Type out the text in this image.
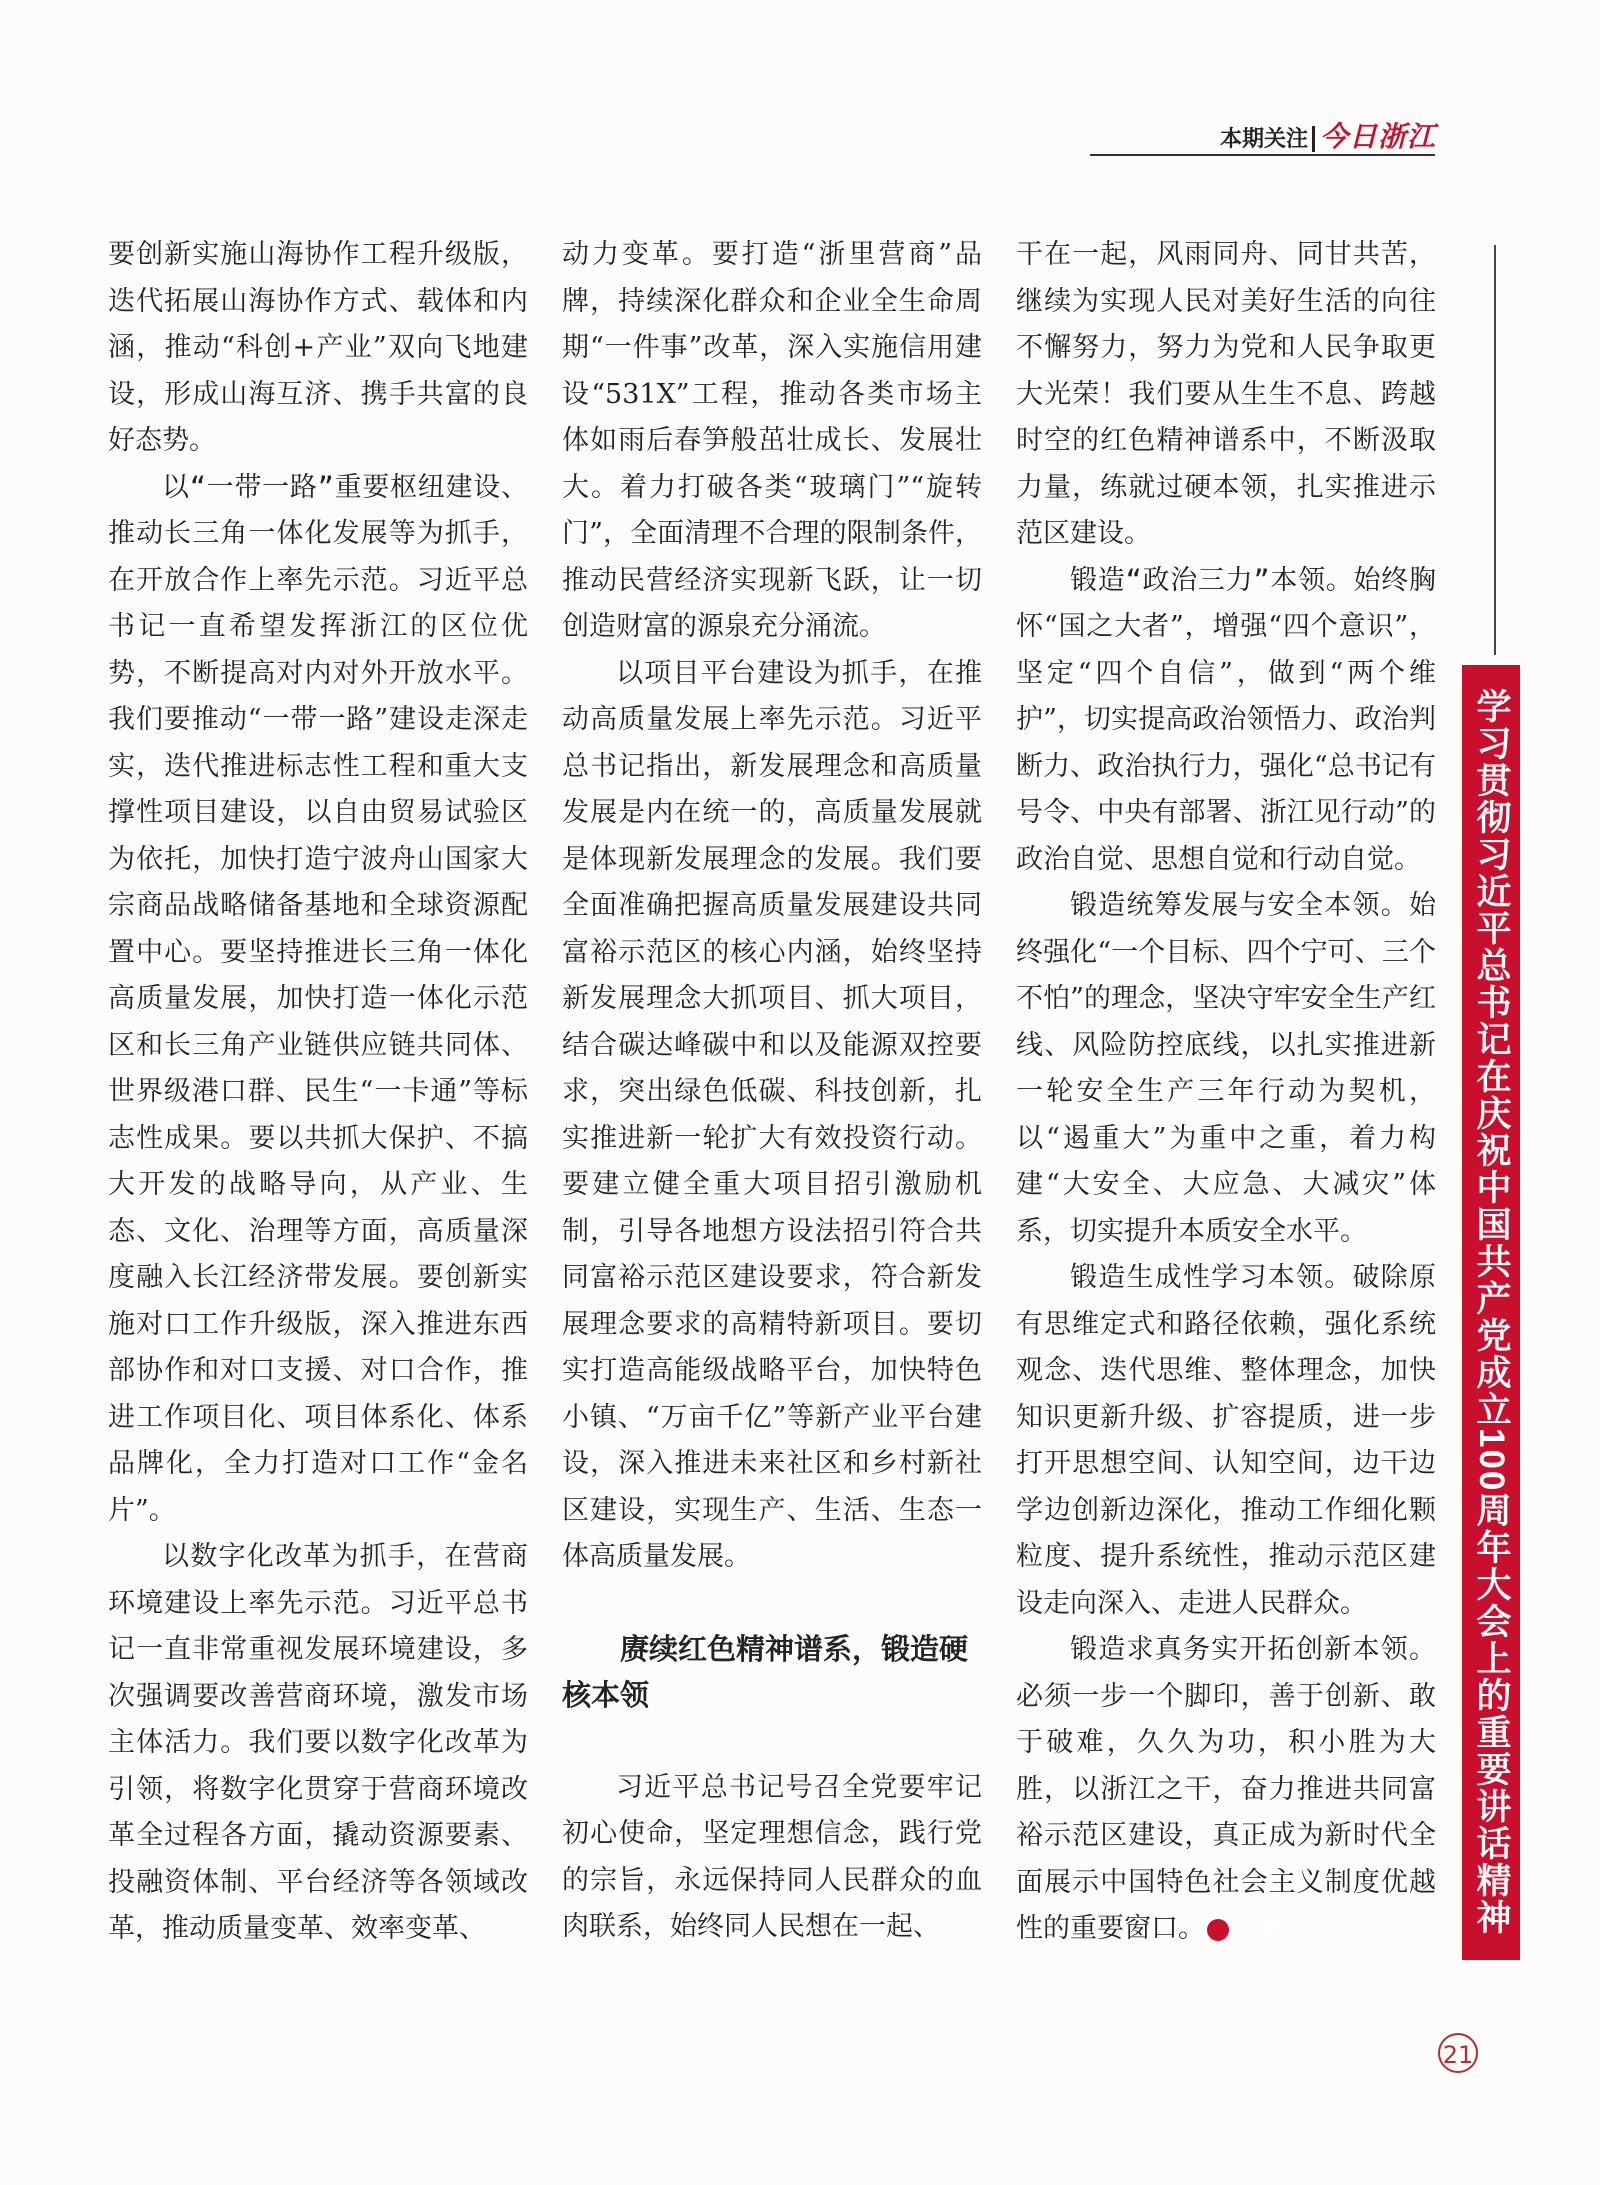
本期关注 今日浙江

要创新实施山海协作工程升级版，迭代拓展山海协作方式、载体和内涵，推动“科创+产业”双向飞地建设，形成山海互济、携手共富的良好态势。

以“一带一路”重要枢纽建设、推动长三角一体化发展等为抓手，在开放合作上率先示范。习近平总书记一直希望发挥浙江的区位优势，不断提高对内对外开放水平。我们要推动“一带一路”建设走深走实，迭代推进标志性工程和重大支撑性项目建设，以自由贸易试验区为依托，加快打造宁波舟山国家大宗商品战略储备基地和全球资源配置中心。要坚持推进长三角一体化高质量发展，加快打造一体化示范区和长三角产业链供应链共同体、世界级港口群、民生“一卡通”等标志性成果。要以共抓大保护、不搞大开发的战略导向，从产业、生态、文化、治理等方面，高质量深度融入长江经济带发展。要创新实施对口工作升级版，深入推进东西部协作和对口支援、对口合作，推进工作项目化、项目体系化、体系品牌化，全力打造对口工作“金名片”。

以数字化改革为抓手，在营商环境建设上率先示范。习近平总书记一直非常重视发展环境建设，多次强调要改善营商环境，激发市场主体活力。我们要以数字化改革为引领，将数字化贯穿于营商环境改革全过程各方面，撬动资源要素、投融资体制、平台经济等各领域改革，推动质量变革、效率变革、

动力变革。要打造“浙里营商”品牌，持续深化群众和企业全生命周期“一件事”改革，深入实施信用建设“531X”工程，推动各类市场主体如雨后春笋般茁壮成长、发展壮大。着力打破各类“玻璃门”“旋转门”，全面清理不合理的限制条件，推动民营经济实现新飞跃，让一切创造财富的源泉充分涌流。

以项目平台建设为抓手，在推动高质量发展上率先示范。习近平总书记指出，新发展理念和高质量发展是内在统一的，高质量发展就是体现新发展理念的发展。我们要全面准确把握高质量发展建设共同富裕示范区的核心内涵，始终坚持新发展理念大抓项目、抓大项目，结合碳达峰碳中和以及能源双控要求，突出绿色低碳、科技创新，扎实推进新一轮扩大有效投资行动。要建立健全重大项目招引激励机制，引导各地想方设法招引符合共同富裕示范区建设要求，符合新发展理念要求的高精特新项目。要切实打造高能级战略平台，加快特色小镇、“万亩千亿”等新产业平台建设，深入推进未来社区和乡村新社区建设，实现生产、生活、生态一体高质量发展。

赓续红色精神谱系，锻造硬核本领

习近平总书记号召全党要牢记初心使命，坚定理想信念，践行党的宗旨，永远保持同人民群众的血肉联系，始终同人民想在一起、

干在一起，风雨同舟、同甘共苦，继续为实现人民对美好生活的向往不懈努力，努力为党和人民争取更大光荣！我们要从生生不息、跨越时空的红色精神谱系中，不断汲取力量，练就过硬本领，扎实推进示范区建设。

锻造“政治三力”本领。始终胸怀“国之大者”，增强“四个意识”，坚定“四个自信”，做到“两个维护”，切实提高政治领悟力、政治判断力、政治执行力，强化“总书记有号令、中央有部署、浙江见行动”的政治自觉、思想自觉和行动自觉。

锻造统筹发展与安全本领。始终强化“一个目标、四个宁可、三个不怕”的理念，坚决守牢安全生产红线、风险防控底线，以扎实推进新一轮安全生产三年行动为契机，以“遏重大”为重中之重，着力构建“大安全、大应急、大减灾”体系，切实提升本质安全水平。

锻造生成性学习本领。破除原有思维定式和路径依赖，强化系统观念、迭代思维、整体理念，加快知识更新升级、扩容提质，进一步打开思想空间、认知空间，边干边学边创新边深化，推动工作细化颗粒度、提升系统性，推动示范区建设走向深入、走进人民群众。

锻造求真务实开拓创新本领。必须一步一个脚印，善于创新、敢于破难，久久为功，积小胜为大胜，以浙江之干，奋力推进共同富裕示范区建设，真正成为新时代全面展示中国特色社会主义制度优越性的重要窗口。	今	学习贯彻习近平总书记在庆祝中国共产党成立100周年大会上的重要讲话精神
21
